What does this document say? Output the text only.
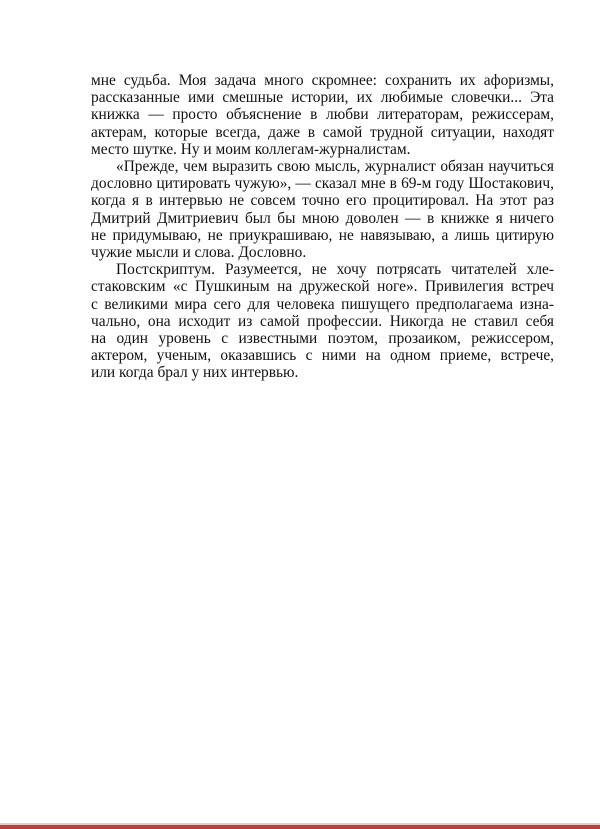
мне судьба. Моя задача много скромнее: сохранить их афоризмы,
рассказанные ими смешные истории, их любимые словечки... Эта
книжка — просто объяснение в любви литераторам, режиссерам,
актерам, которые всегда, даже в самой трудной ситуации, находят
место шутке. Ну и моим коллегам-журналистам.

«Прежде, чем выразить свою мысль, журналист обязан научиться
дословно цитировать чужую», — сказал мне в 69-м году Шостакович,
когда я в интервью не совсем точно его процитировал. На этот раз
Дмитрий Дмитриевич был бы мною доволен — в книжке я ничего
не придумываю, не приукрашиваю, не навязываю, а лишь цитирую
чужие мысли и слова. Дословно.

Постскриптум. Разумеется, не хочу потрясать читателей хле-
стаковским «с Пушкиным на дружеской ноге». Привилегия встреч
с великими мира сего для человека пишущего предполагаема изна-
чально, она исходит из самой профессии. Никогда не ставил себя
на один уровень с известными поэтом, прозаиком, режиссером,
актером, ученым, оказавшись с ними на одном приеме, встрече,
или когда брал у них интервью.
